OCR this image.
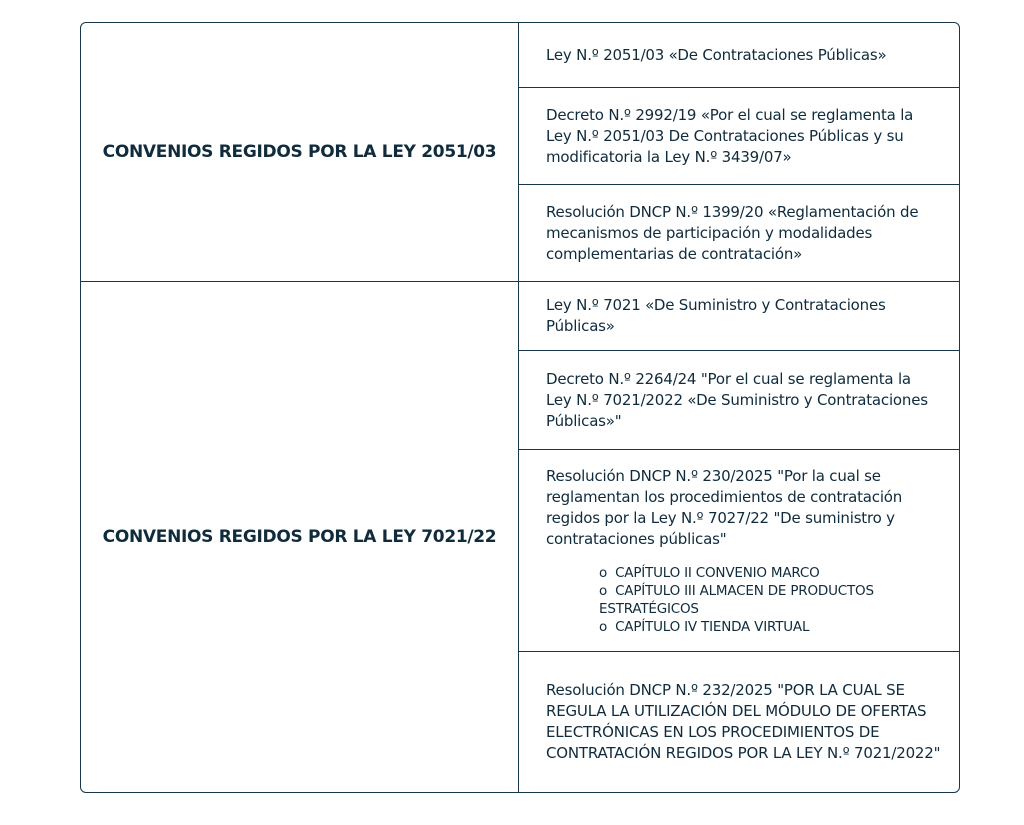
CONVENIOS REGIDOS POR LA LEY 2051/03
Ley N.º 2051/03 «De Contrataciones Públicas»
Decreto N.º 2992/19 «Por el cual se reglamenta la Ley N.º 2051/03 De Contrataciones Públicas y su modificatoria la Ley N.º 3439/07»
Resolución DNCP N.º 1399/20 «Reglamentación de mecanismos de participación y modalidades complementarias de contratación»
CONVENIOS REGIDOS POR LA LEY 7021/22
Ley N.º 7021 «De Suministro y Contrataciones Públicas»
Decreto N.º 2264/24 "Por el cual se reglamenta la Ley N.º 7021/2022 «De Suministro y Contrataciones Públicas»"
Resolución DNCP N.º 230/2025 "Por la cual se reglamentan los procedimientos de contratación regidos por la Ley N.º 7027/22 "De suministro y contrataciones públicas"
o CAPÍTULO II CONVENIO MARCO
o CAPÍTULO III ALMACEN DE PRODUCTOS ESTRATÉGICOS
o CAPÍTULO IV TIENDA VIRTUAL
Resolución DNCP N.º 232/2025 "POR LA CUAL SE REGULA LA UTILIZACIÓN DEL MÓDULO DE OFERTAS ELECTRÓNICAS EN LOS PROCEDIMIENTOS DE CONTRATACIÓN REGIDOS POR LA LEY N.º 7021/2022"
